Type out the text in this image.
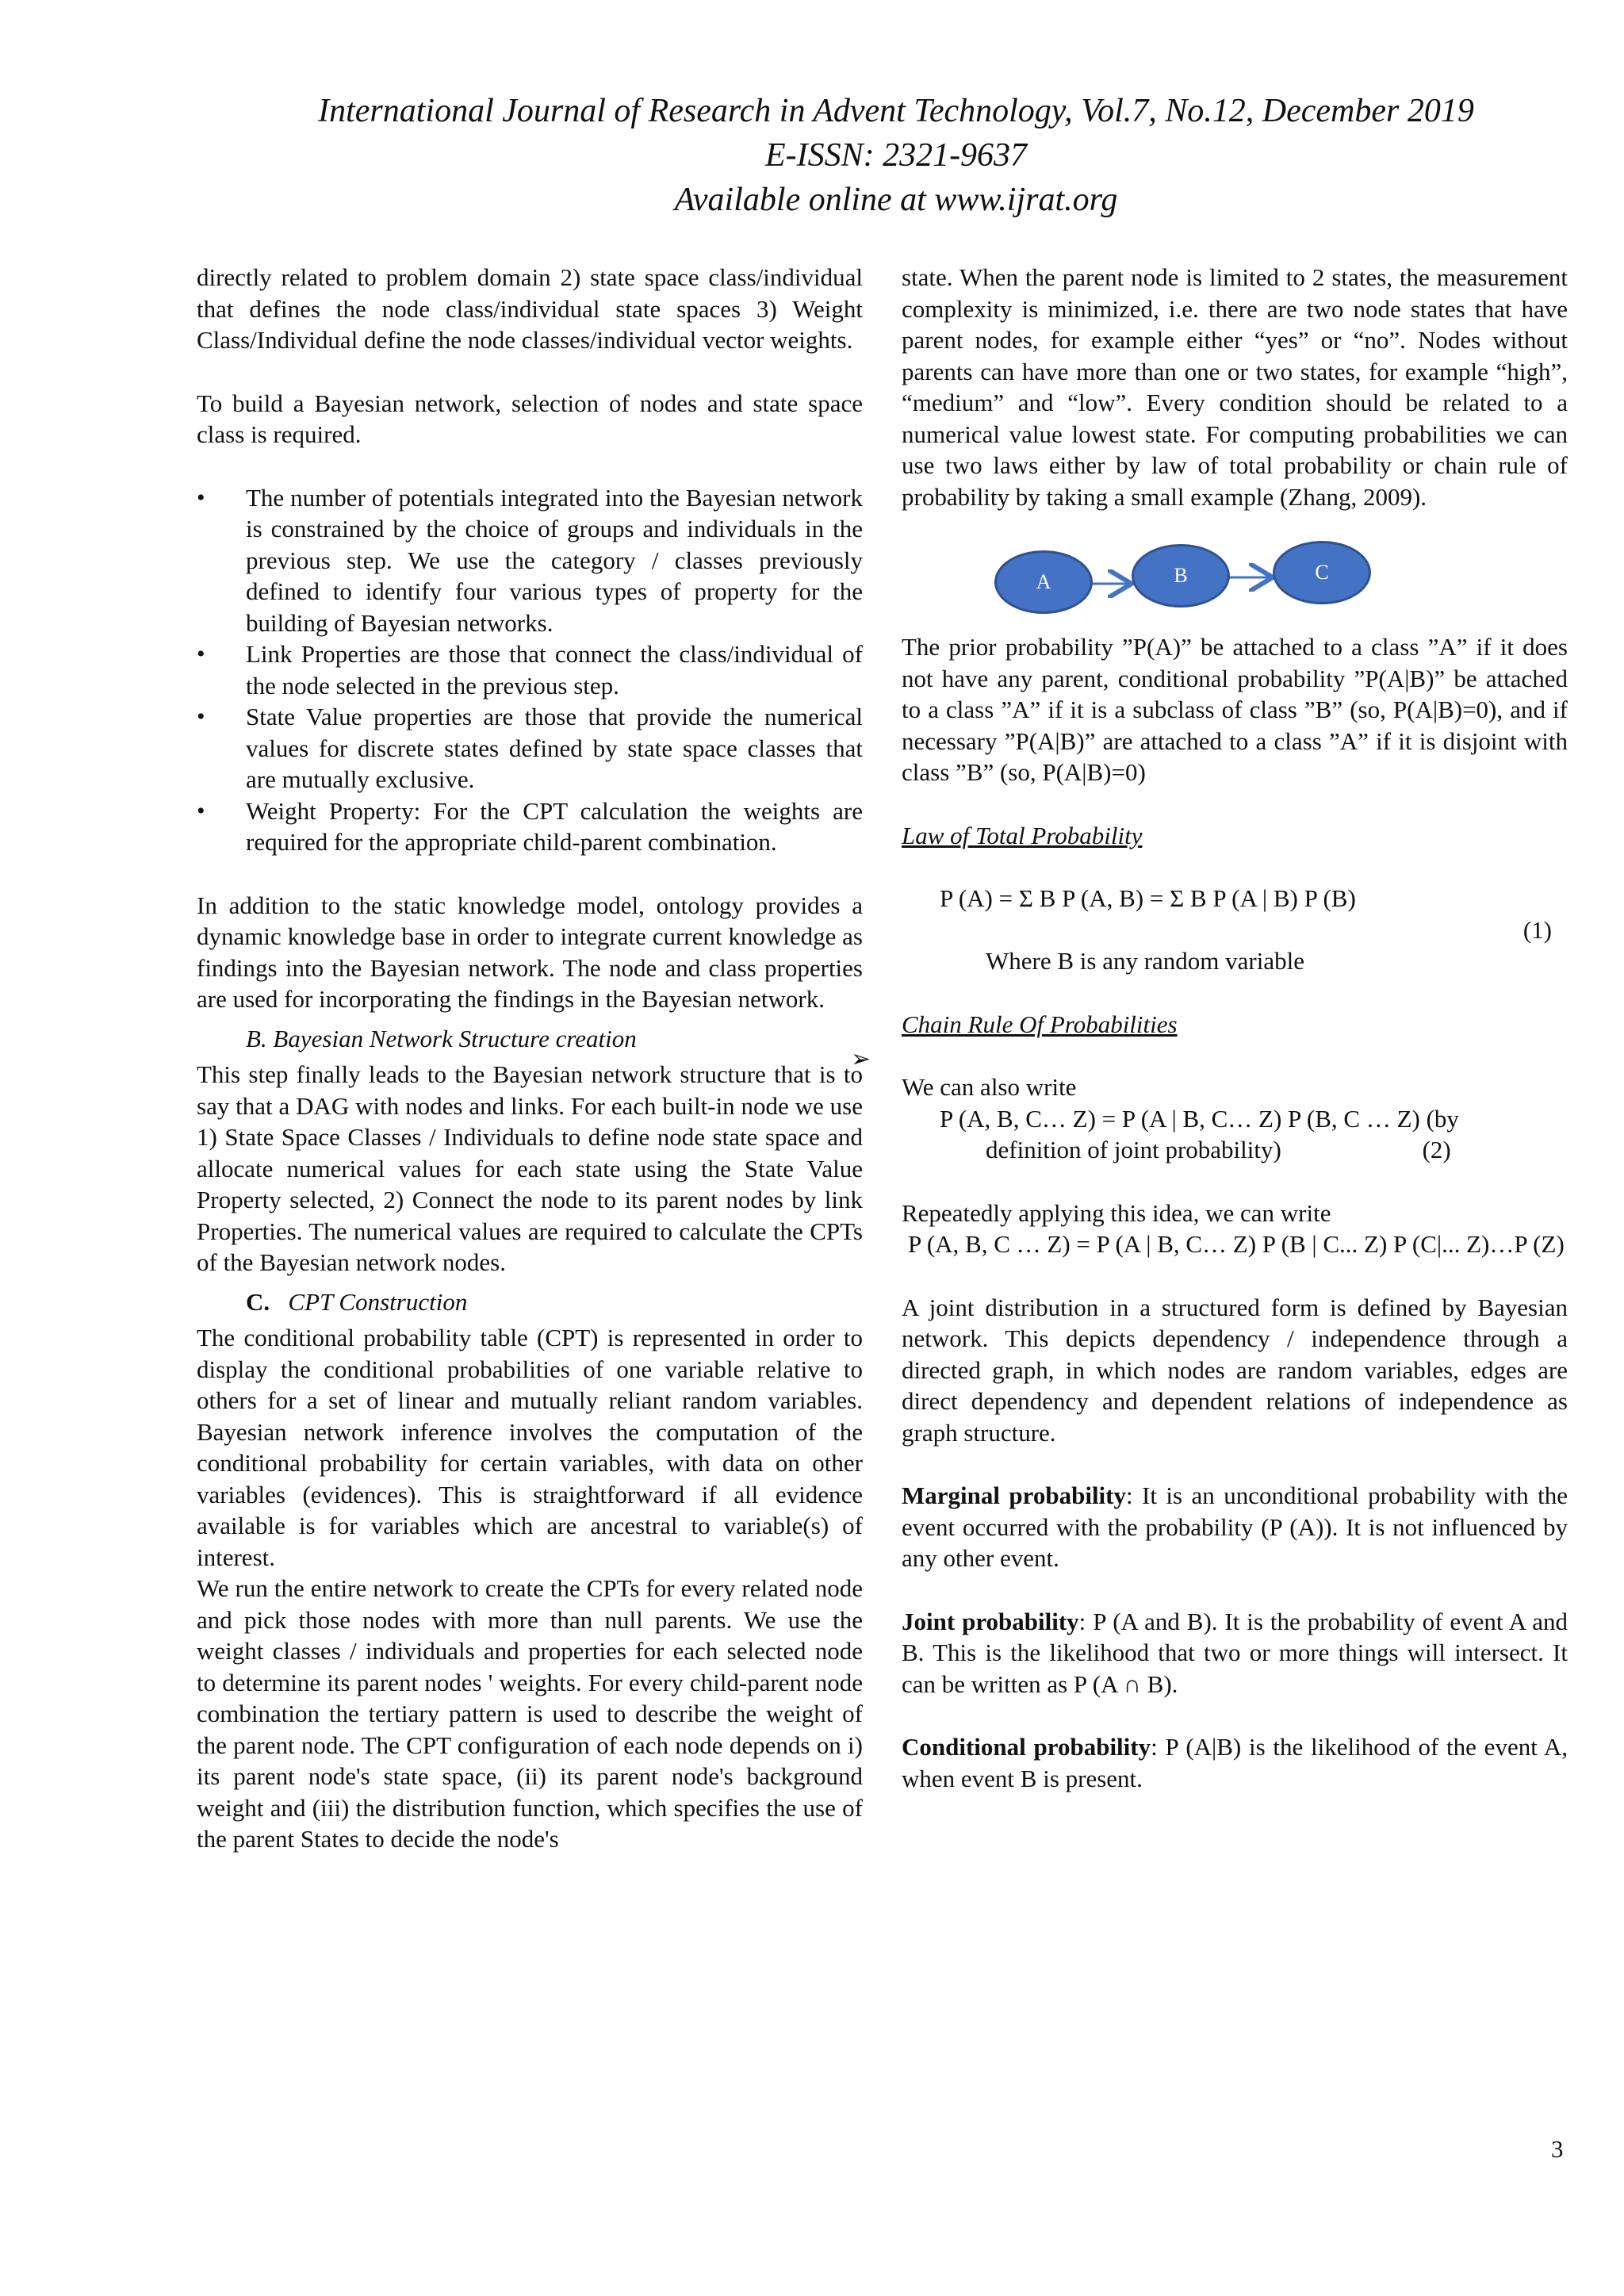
International Journal of Research in Advent Technology, Vol.7, No.12, December 2019
E-ISSN: 2321-9637
Available online at www.ijrat.org

directly related to problem domain 2) state space class/individual that defines the node class/individual state spaces 3) Weight Class/Individual define the node classes/individual vector weights.

To build a Bayesian network, selection of nodes and state space class is required.

• The number of potentials integrated into the Bayesian network is constrained by the choice of groups and individuals in the previous step. We use the category / classes previously defined to identify four various types of property for the building of Bayesian networks.
• Link Properties are those that connect the class/individual of the node selected in the previous step.
• State Value properties are those that provide the numerical values for discrete states defined by state space classes that are mutually exclusive.
• Weight Property: For the CPT calculation the weights are required for the appropriate child-parent combination.

In addition to the static knowledge model, ontology provides a dynamic knowledge base in order to integrate current knowledge as findings into the Bayesian network. The node and class properties are used for incorporating the findings in the Bayesian network.

B. Bayesian Network Structure creation

This step finally leads to the Bayesian network structure that is to say that a DAG with nodes and links. For each built-in node we use 1) State Space Classes / Individuals to define node state space and allocate numerical values for each state using the State Value Property selected, 2) Connect the node to its parent nodes by link Properties. The numerical values are required to calculate the CPTs of the Bayesian network nodes.

C. CPT Construction

The conditional probability table (CPT) is represented in order to display the conditional probabilities of one variable relative to others for a set of linear and mutually reliant random variables. Bayesian network inference involves the computation of the conditional probability for certain variables, with data on other variables (evidences). This is straightforward if all evidence available is for variables which are ancestral to variable(s) of interest.

We run the entire network to create the CPTs for every related node and pick those nodes with more than null parents. We use the weight classes / individuals and properties for each selected node to determine its parent nodes ' weights. For every child-parent node combination the tertiary pattern is used to describe the weight of the parent node. The CPT configuration of each node depends on i) its parent node's state space, (ii) its parent node's background weight and (iii) the distribution function, which specifies the use of the parent States to decide the node's

➢

state. When the parent node is limited to 2 states, the measurement complexity is minimized, i.e. there are two node states that have parent nodes, for example either “yes” or “no”. Nodes without parents can have more than one or two states, for example “high”, “medium” and “low”. Every condition should be related to a numerical value lowest state. For computing probabilities we can use two laws either by law of total probability or chain rule of probability by taking a small example (Zhang, 2009).

A	B	C

The prior probability ”P(A)” be attached to a class ”A” if it does not have any parent, conditional probability ”P(A|B)” be attached to a class ”A” if it is a subclass of class ”B” (so, P(A|B)=0), and if necessary ”P(A|B)” are attached to a class ”A” if it is disjoint with class ”B” (so, P(A|B)=0)

Law of Total Probability

P (A) = Σ B P (A, B) = Σ B P (A | B) P (B)

(1)

Where B is any random variable

Chain Rule Of Probabilities

We can also write

P (A, B, C… Z) = P (A | B, C… Z) P (B, C … Z) (by

definition of joint probability)	(2)

Repeatedly applying this idea, we can write

P (A, B, C … Z) = P (A | B, C… Z) P (B | C... Z) P (C|... Z)…P (Z)

A joint distribution in a structured form is defined by Bayesian network. This depicts dependency / independence through a directed graph, in which nodes are random variables, edges are direct dependency and dependent relations of independence as graph structure.

Marginal probability: It is an unconditional probability with the event occurred with the probability (P (A)). It is not influenced by any other event.

Joint probability: P (A and B). It is the probability of event A and B. This is the likelihood that two or more things will intersect. It can be written as P (A ∩ B).

Conditional probability: P (A|B) is the likelihood of the event A, when event B is present.

3
